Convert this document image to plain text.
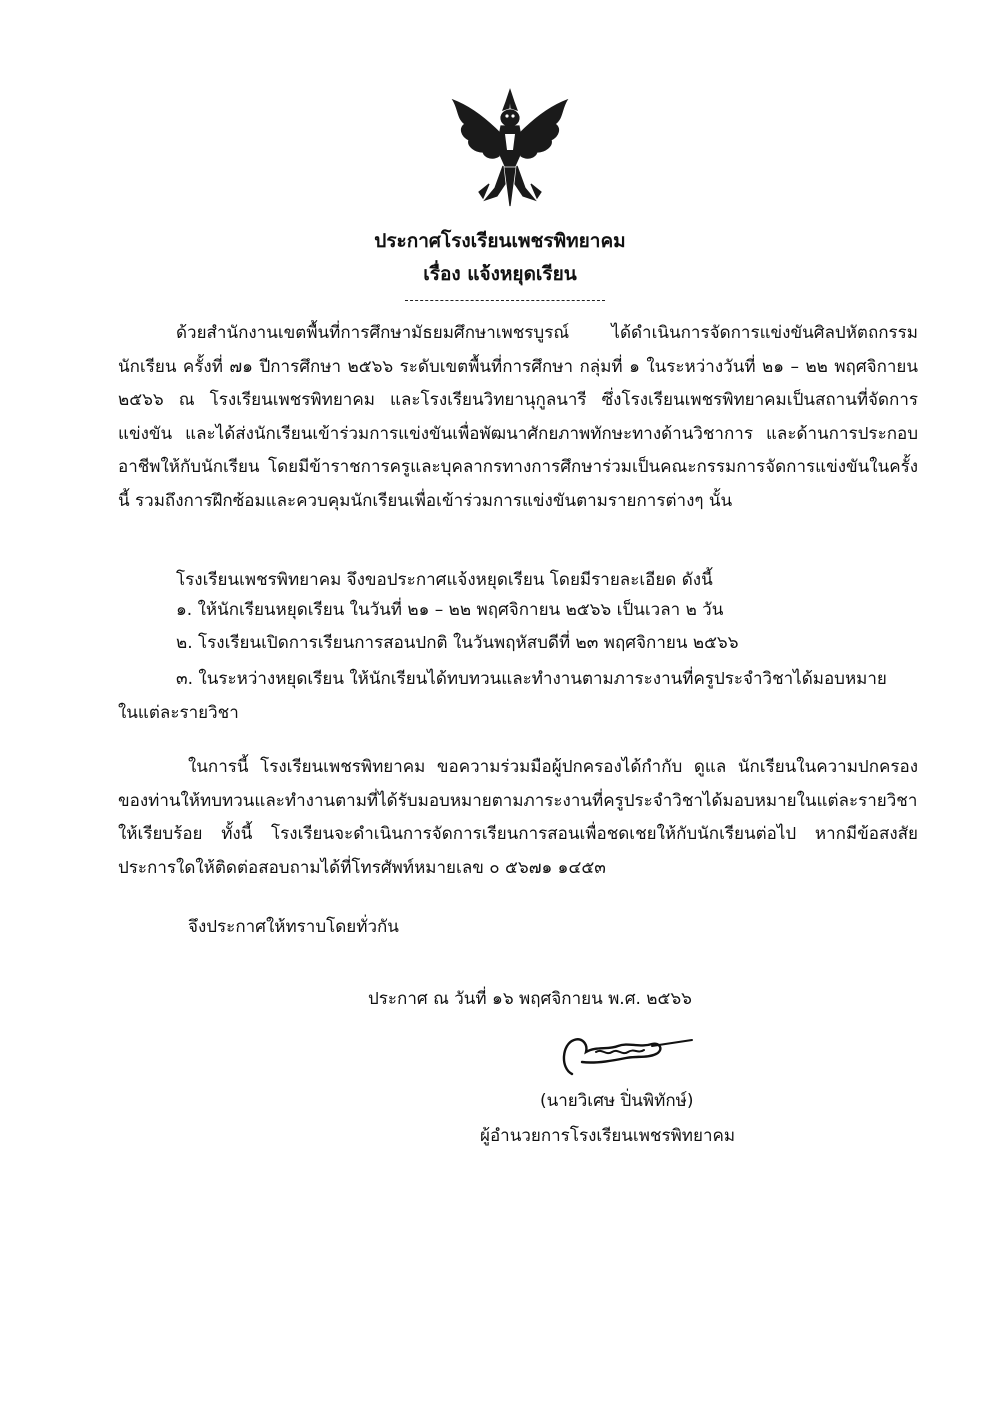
ประกาศโรงเรียนเพชรพิทยาคม
เรื่อง แจ้งหยุดเรียน
ด้วยสำนักงานเขตพื้นที่การศึกษามัธยมศึกษาเพชรบูรณ์ ได้ดำเนินการจัดการแข่งขันศิลปหัตถกรรมนักเรียน ครั้งที่ ๗๑ ปีการศึกษา ๒๕๖๖ ระดับเขตพื้นที่การศึกษา กลุ่มที่ ๑ ในระหว่างวันที่ ๒๑ – ๒๒ พฤศจิกายน ๒๕๖๖ ณ โรงเรียนเพชรพิทยาคม และโรงเรียนวิทยานุกูลนารี ซึ่งโรงเรียนเพชรพิทยาคมเป็นสถานที่จัดการแข่งขัน และได้ส่งนักเรียนเข้าร่วมการแข่งขันเพื่อพัฒนาศักยภาพทักษะทางด้านวิชาการ และด้านการประกอบอาชีพให้กับนักเรียน โดยมีข้าราชการครูและบุคลากรทางการศึกษาร่วมเป็นคณะกรรมการจัดการแข่งขันในครั้งนี้ รวมถึงการฝึกซ้อมและควบคุมนักเรียนเพื่อเข้าร่วมการแข่งขันตามรายการต่างๆ นั้น
โรงเรียนเพชรพิทยาคม จึงขอประกาศแจ้งหยุดเรียน โดยมีรายละเอียด ดังนี้
๑. ให้นักเรียนหยุดเรียน ในวันที่ ๒๑ – ๒๒ พฤศจิกายน ๒๕๖๖ เป็นเวลา ๒ วัน
๒. โรงเรียนเปิดการเรียนการสอนปกติ ในวันพฤหัสบดีที่ ๒๓ พฤศจิกายน ๒๕๖๖
๓. ในระหว่างหยุดเรียน ให้นักเรียนได้ทบทวนและทำงานตามภาระงานที่ครูประจำวิชาได้มอบหมาย
ในแต่ละรายวิชา
ในการนี้ โรงเรียนเพชรพิทยาคม ขอความร่วมมือผู้ปกครองได้กำกับ ดูแล นักเรียนในความปกครองของท่านให้ทบทวนและทำงานตามที่ได้รับมอบหมายตามภาระงานที่ครูประจำวิชาได้มอบหมายในแต่ละรายวิชาให้เรียบร้อย ทั้งนี้ โรงเรียนจะดำเนินการจัดการเรียนการสอนเพื่อชดเชยให้กับนักเรียนต่อไป หากมีข้อสงสัยประการใดให้ติดต่อสอบถามได้ที่โทรศัพท์หมายเลข ๐ ๕๖๗๑ ๑๔๕๓
จึงประกาศให้ทราบโดยทั่วกัน
ประกาศ ณ วันที่ ๑๖ พฤศจิกายน พ.ศ. ๒๕๖๖
(นายวิเศษ ปิ่นพิทักษ์)
ผู้อำนวยการโรงเรียนเพชรพิทยาคม
